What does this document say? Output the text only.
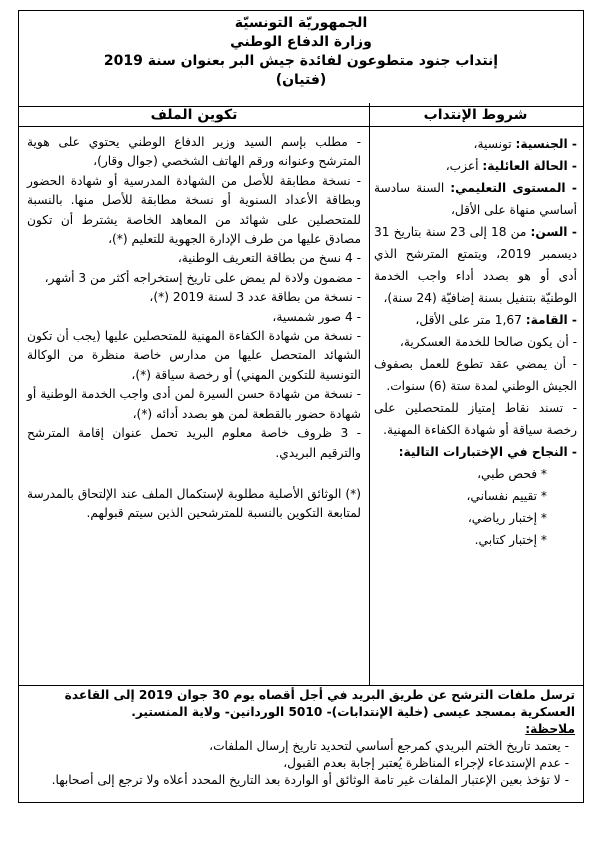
الجمهوريّة التونسيّة
وزارة الدفاع الوطني
إنتداب جنود متطوعون لفائدة جيش البر بعنوان سنة 2019
(فتيان)
شروط الإنتداب
تكوين الملف

- الجنسية: تونسية،

- الحالة العائلية: أعزب،

- المستوى التعليمي: السنة سادسة أساسي منهاة على الأقل،

- السن: من 18 إلى 23 سنة بتاريخ 31 ديسمبر 2019، ويتمتع المترشح الذي أدى أو هو بصدد أداء واجب الخدمة الوطنيّة بتنفيل بسنة إضافيّة (24 سنة)،

- القامة: 1,67 متر على الأقل،

- أن يكون صالحا للخدمة العسكرية،

- أن يمضي عقد تطوع للعمل بصفوف الجيش الوطني لمدة ستة (6) سنوات.

- تسند نقاط إمتياز للمتحصلين على رخصة سياقة أو شهادة الكفاءة المهنية.

- النجاح في الإختبارات التالية:

* فحص طبي،

* تقييم نفساني،

* إختبار رياضي،

* إختبار كتابي.

- مطلب بإسم السيد وزير الدفاع الوطني يحتوي على هوية المترشح وعنوانه ورقم الهاتف الشخصي (جوال وقار)،

- نسخة مطابقة للأصل من الشهادة المدرسية أو شهادة الحضور وبطاقة الأعداد السنوية أو نسخة مطابقة للأصل منها. بالنسبة للمتحصلين على شهائد من المعاهد الخاصة يشترط أن تكون مصادق عليها من طرف الإدارة الجهوية للتعليم (*)،

- 4 نسخ من بطاقة التعريف الوطنية،

- مضمون ولادة لم يمض على تاريخ إستخراجه أكثر من 3 أشهر،

- نسخة من بطاقة عدد 3 لسنة 2019 (*)،

- 4 صور شمسية،

- نسخة من شهادة الكفاءة المهنية للمتحصلين عليها (يجب أن تكون الشهائد المتحصل عليها من مدارس خاصة منظرة من الوكالة التونسية للتكوين المهني) أو رخصة سياقة (*)،

- نسخة من شهادة حسن السيرة لمن أدى واجب الخدمة الوطنية أو شهادة حضور بالقطعة لمن هو بصدد أدائه (*)،

- 3 ظروف خاصة معلوم البريد تحمل عنوان إقامة المترشح والترقيم البريدي.

(*) الوثائق الأصلية مطلوبة لإستكمال الملف عند الإلتحاق بالمدرسة لمتابعة التكوين بالنسبة للمترشحين الذين سيتم قبولهم.

ترسل ملفات الترشح عن طريق البريد في أجل أقصاه يوم 30 جوان 2019 إلى القاعدة العسكرية بمسجد عيسى (خلية الإنتدابات)- 5010 الوردانين- ولاية المنستير.
ملاحظة:
- يعتمد تاريخ الختم البريدي كمرجع أساسي لتحديد تاريخ إرسال الملفات،
- عدم الإستدعاء لإجراء المناظرة يُعتبر إجابة بعدم القبول،
- لا تؤخذ بعين الإعتبار الملفات غير تامة الوثائق أو الواردة بعد التاريخ المحدد أعلاه ولا ترجع إلى أصحابها.
